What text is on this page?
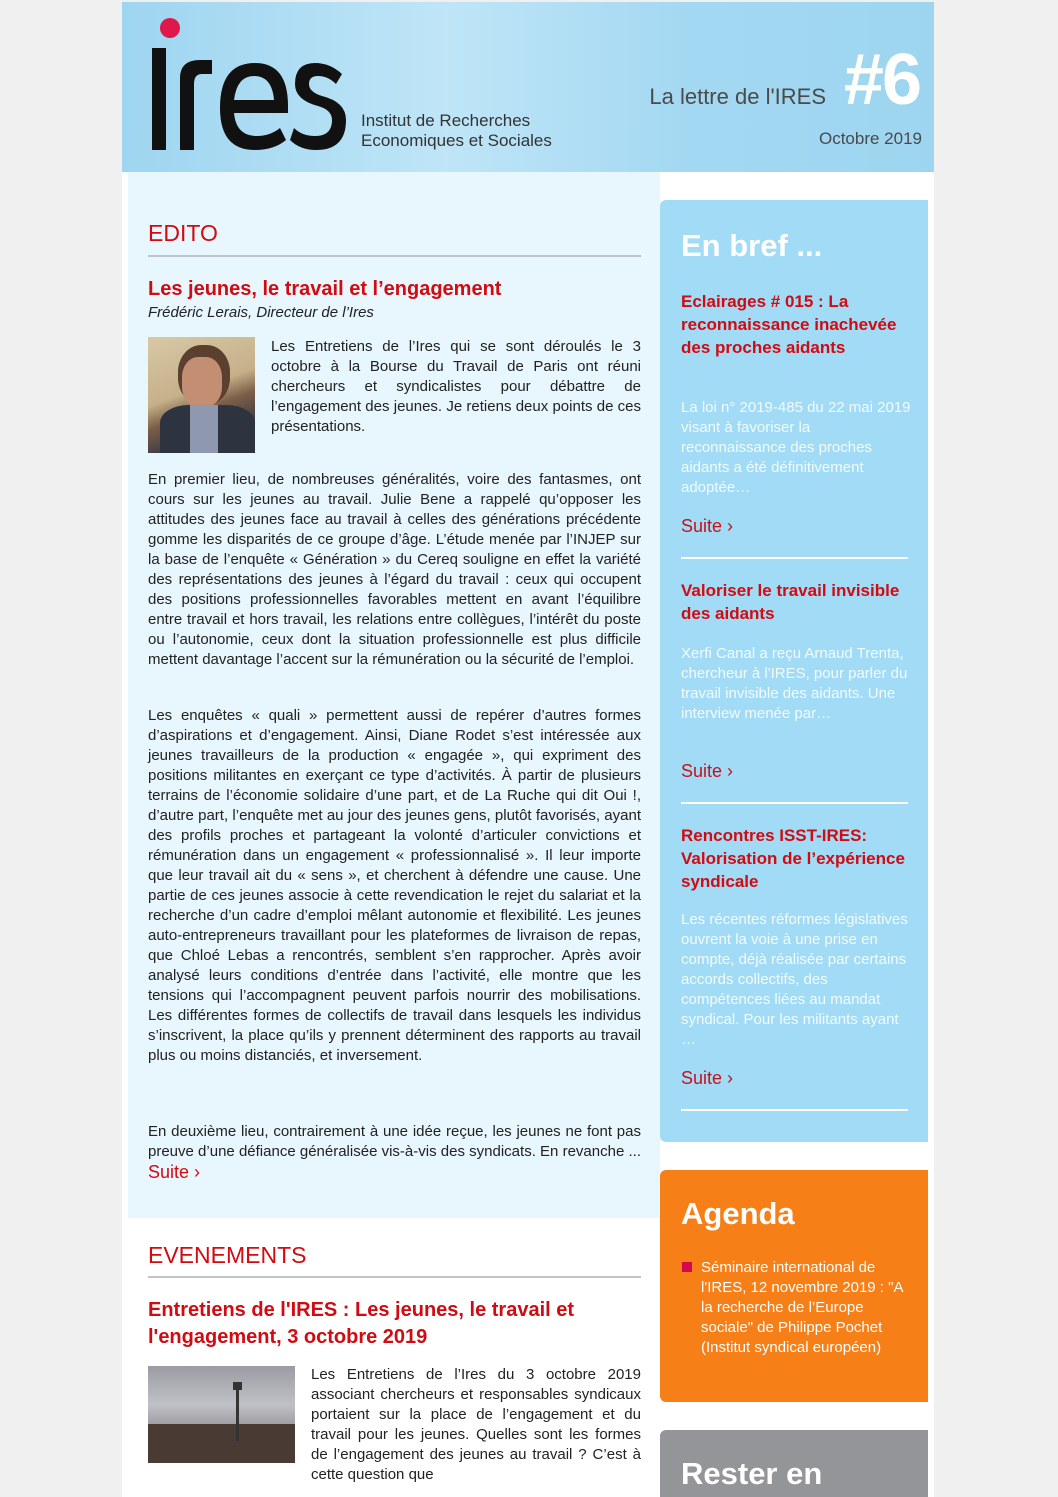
Institut de Recherches
Economiques et Sociales
La lettre de l'IRES #6
Octobre 2019
EDITO
Les jeunes, le travail et l’engagement
Frédéric Lerais, Directeur de l’Ires
Les Entretiens de l’Ires qui se sont déroulés le 3 octobre à la Bourse du Travail de Paris ont réuni chercheurs et syndicalistes pour débattre de l’engagement des jeunes. Je retiens deux points de ces présentations.
En premier lieu, de nombreuses généralités, voire des fantasmes, ont cours sur les jeunes au travail. Julie Bene a rappelé qu’opposer les attitudes des jeunes face au travail à celles des générations précédente gomme les disparités de ce groupe d’âge. L’étude menée par l’INJEP sur la base de l’enquête « Génération » du Cereq souligne en effet la variété des représentations des jeunes à l’égard du travail : ceux qui occupent des positions professionnelles favorables mettent en avant l’équilibre entre travail et hors travail, les relations entre collègues, l’intérêt du poste ou l’autonomie, ceux dont la situation professionnelle est plus difficile mettent davantage l’accent sur la rémunération ou la sécurité de l’emploi.
Les enquêtes « quali » permettent aussi de repérer d’autres formes d’aspirations et d’engagement. Ainsi, Diane Rodet s’est intéressée aux jeunes travailleurs de la production « engagée », qui expriment des positions militantes en exerçant ce type d’activités. À partir de plusieurs terrains de l’économie solidaire d’une part, et de La Ruche qui dit Oui !, d’autre part, l’enquête met au jour des jeunes gens, plutôt favorisés, ayant des profils proches et partageant la volonté d’articuler convictions et rémunération dans un engagement « professionnalisé ». Il leur importe que leur travail ait du « sens », et cherchent à défendre une cause. Une partie de ces jeunes associe à cette revendication le rejet du salariat et la recherche d’un cadre d’emploi mêlant autonomie et flexibilité. Les jeunes auto-entrepreneurs travaillant pour les plateformes de livraison de repas, que Chloé Lebas a rencontrés, semblent s’en rapprocher. Après avoir analysé leurs conditions d’entrée dans l’activité, elle montre que les tensions qui l’accompagnent peuvent parfois nourrir des mobilisations. Les différentes formes de collectifs de travail dans lesquels les individus s’inscrivent, la place qu’ils y prennent déterminent des rapports au travail plus ou moins distanciés, et inversement.
En deuxième lieu, contrairement à une idée reçue, les jeunes ne font pas preuve d’une défiance généralisée vis-à-vis des syndicats. En revanche ... Suite ›
EVENEMENTS
Entretiens de l'IRES : Les jeunes, le travail et l'engagement, 3 octobre 2019
Les Entretiens de l’Ires du 3 octobre 2019 associant chercheurs et responsables syndicaux portaient sur la place de l’engagement et du travail pour les jeunes. Quelles sont les formes de l’engagement des jeunes au travail ? C’est à cette question que
En bref ...
Eclairages # 015 : La reconnaissance inachevée des proches aidants
La loi n° 2019-485 du 22 mai 2019 visant à favoriser la reconnaissance des proches aidants a été définitivement adoptée…
Suite ›
Valoriser le travail invisible des aidants
Xerfi Canal a reçu Arnaud Trenta, chercheur à l'IRES, pour parler du travail invisible des aidants. Une interview menée par…
Suite ›
Rencontres ISST-IRES: Valorisation de l’expérience syndicale
Les récentes réformes législatives ouvrent la voie à une prise en compte, déjà réalisée par certains accords collectifs, des compétences liées au mandat syndical. Pour les militants ayant …
Suite ›
Agenda
Séminaire international de l'IRES, 12 novembre 2019 : "A la recherche de l’Europe sociale" de Philippe Pochet (Institut syndical européen)
Rester en
